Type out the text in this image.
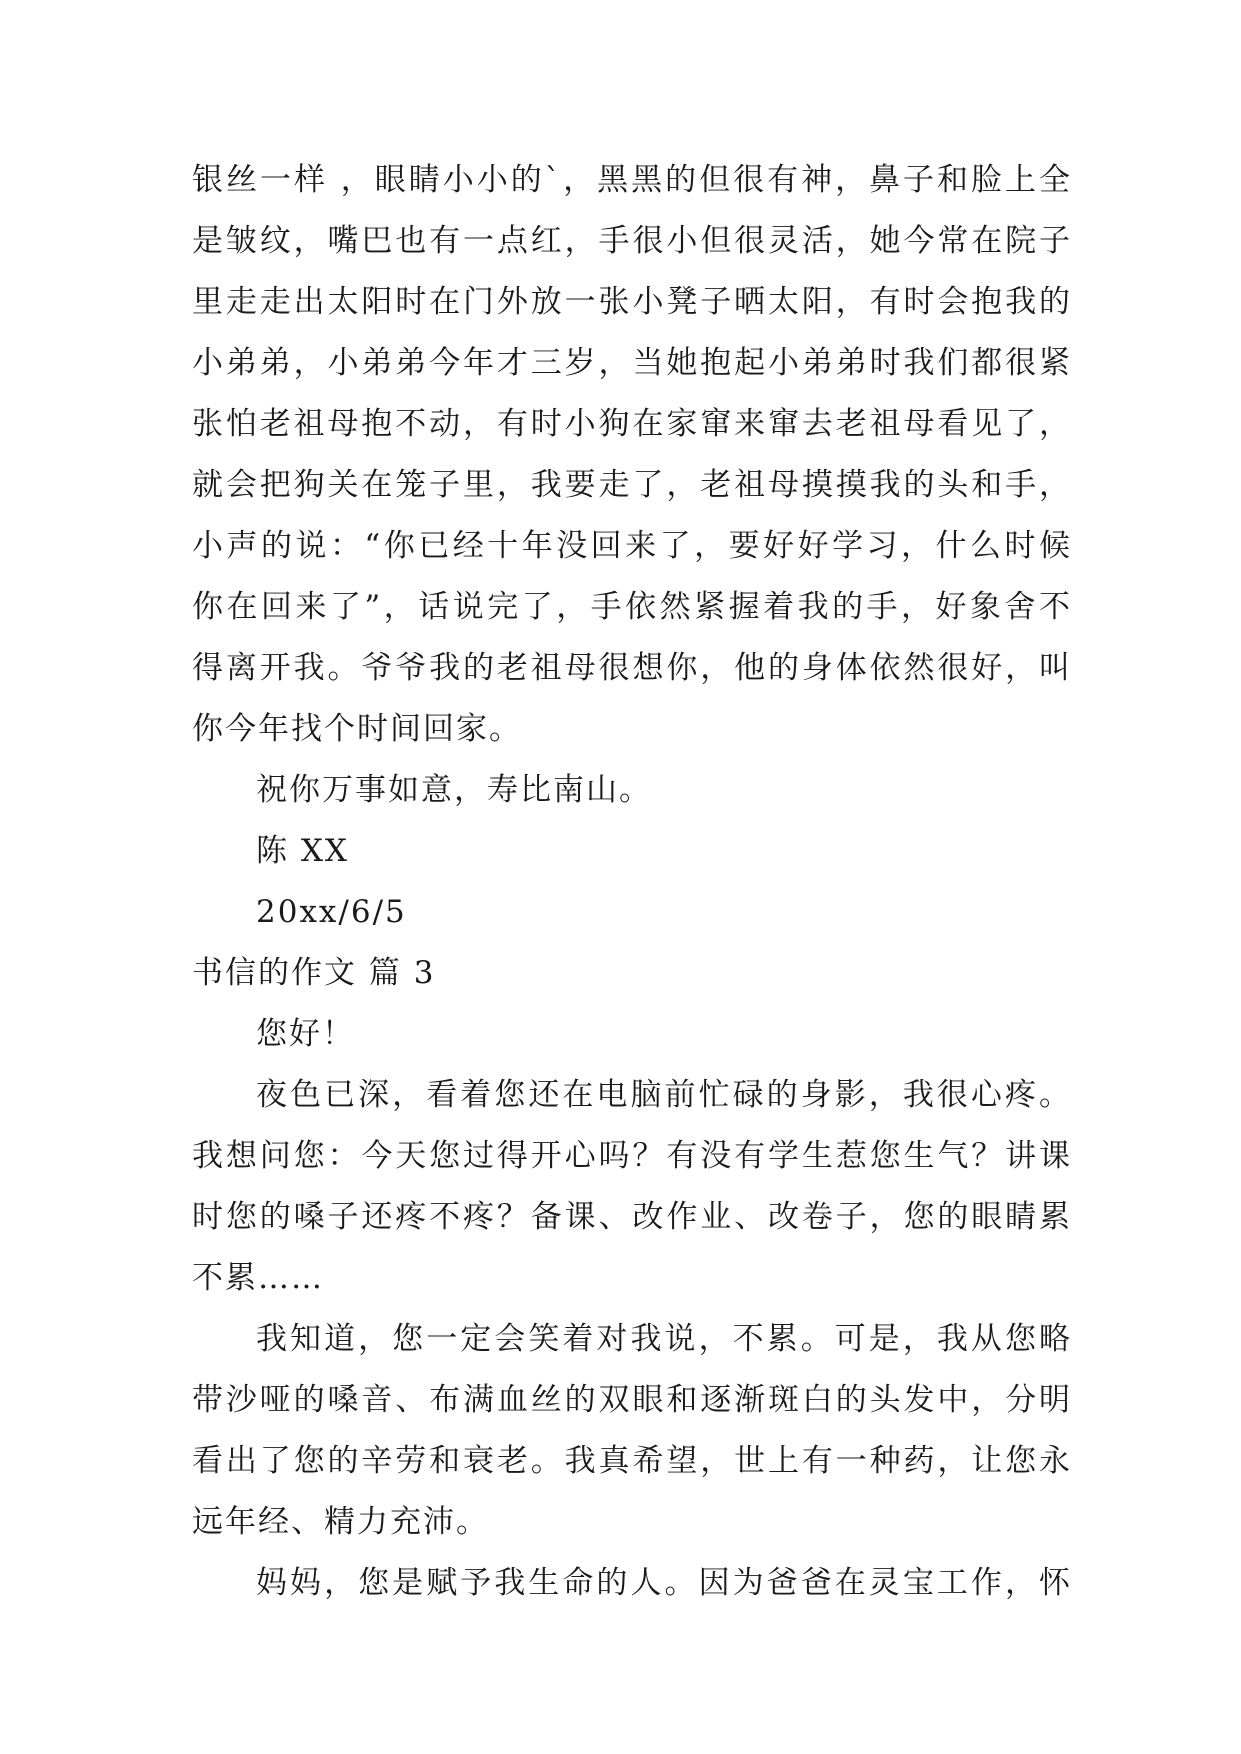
银丝一样 ，眼睛小小的`，黑黑的但很有神，鼻子和脸上全
是皱纹，嘴巴也有一点红，手很小但很灵活，她今常在院子
里走走出太阳时在门外放一张小凳子晒太阳，有时会抱我的
小弟弟，小弟弟今年才三岁，当她抱起小弟弟时我们都很紧
张怕老祖母抱不动，有时小狗在家窜来窜去老祖母看见了，
就会把狗关在笼子里，我要走了，老祖母摸摸我的头和手，
小声的说：“你已经十年没回来了，要好好学习，什么时候
你在回来了”，话说完了，手依然紧握着我的手，好象舍不
得离开我。爷爷我的老祖母很想你，他的身体依然很好，叫
你今年找个时间回家。
祝你万事如意，寿比南山。
陈 XX
20xx/6/5
书信的作文 篇 3
您好！
夜色已深，看着您还在电脑前忙碌的身影，我很心疼。
我想问您：今天您过得开心吗？有没有学生惹您生气？讲课
时您的嗓子还疼不疼？备课、改作业、改卷子，您的眼睛累
不累……
我知道，您一定会笑着对我说，不累。可是，我从您略
带沙哑的嗓音、布满血丝的双眼和逐渐斑白的头发中，分明
看出了您的辛劳和衰老。我真希望，世上有一种药，让您永
远年经、精力充沛。
妈妈，您是赋予我生命的人。因为爸爸在灵宝工作，怀
